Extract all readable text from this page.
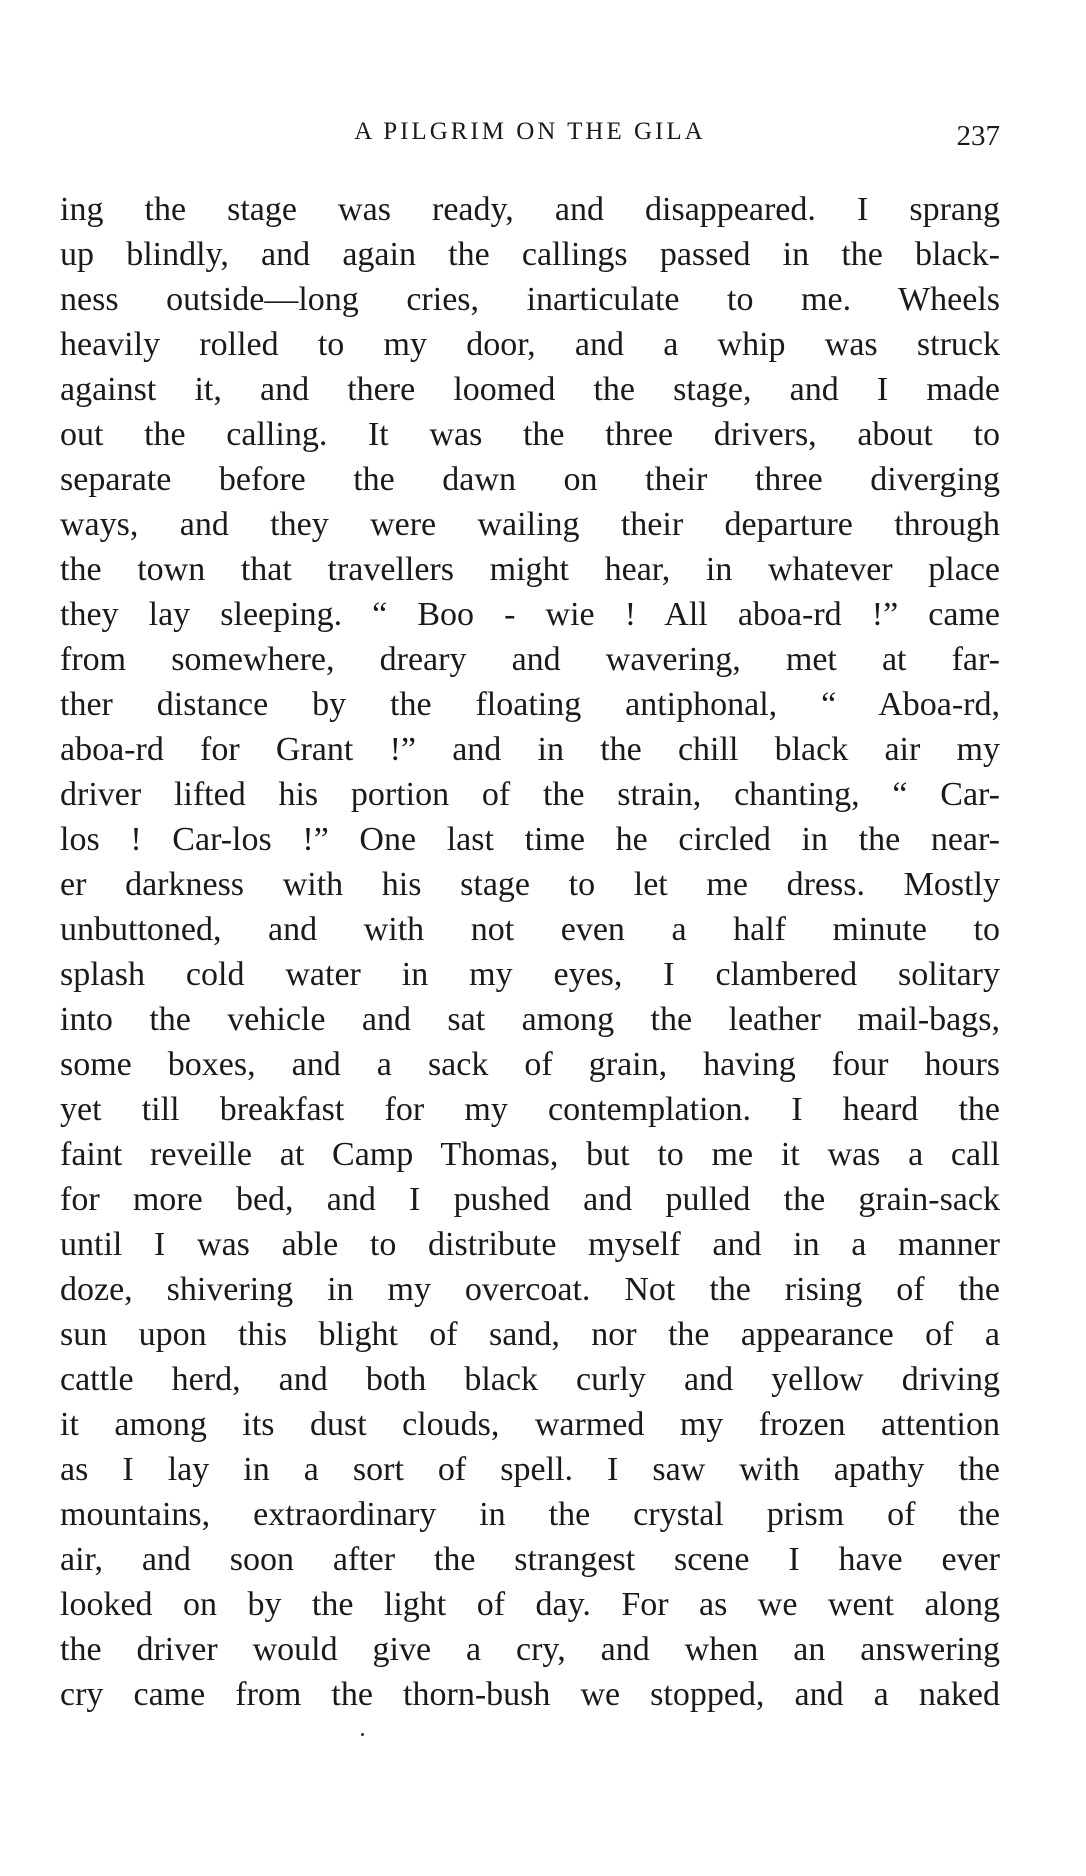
A PILGRIM ON THE GILA	237
ing the stage was ready, and disappeared. I sprang
up blindly, and again the callings passed in the black-
ness outside—long cries, inarticulate to me. Wheels
heavily rolled to my door, and a whip was struck
against it, and there loomed the stage, and I made
out the calling. It was the three drivers, about to
separate before the dawn on their three diverging
ways, and they were wailing their departure through
the town that travellers might hear, in whatever place
they lay sleeping. “ Boo - wie ! All aboa-rd !” came
from somewhere, dreary and wavering, met at far-
ther distance by the floating antiphonal, “ Aboa-rd,
aboa-rd for Grant !” and in the chill black air my
driver lifted his portion of the strain, chanting, “ Car-
los ! Car-los !” One last time he circled in the near-
er darkness with his stage to let me dress. Mostly
unbuttoned, and with not even a half minute to
splash cold water in my eyes, I clambered solitary
into the vehicle and sat among the leather mail-bags,
some boxes, and a sack of grain, having four hours
yet till breakfast for my contemplation. I heard the
faint reveille at Camp Thomas, but to me it was a call
for more bed, and I pushed and pulled the grain-sack
until I was able to distribute myself and in a manner
doze, shivering in my overcoat. Not the rising of the
sun upon this blight of sand, nor the appearance of a
cattle herd, and both black curly and yellow driving
it among its dust clouds, warmed my frozen attention
as I lay in a sort of spell. I saw with apathy the
mountains, extraordinary in the crystal prism of the
air, and soon after the strangest scene I have ever
looked on by the light of day. For as we went along
the driver would give a cry, and when an answering
cry came from the thorn-bush we stopped, and a naked
